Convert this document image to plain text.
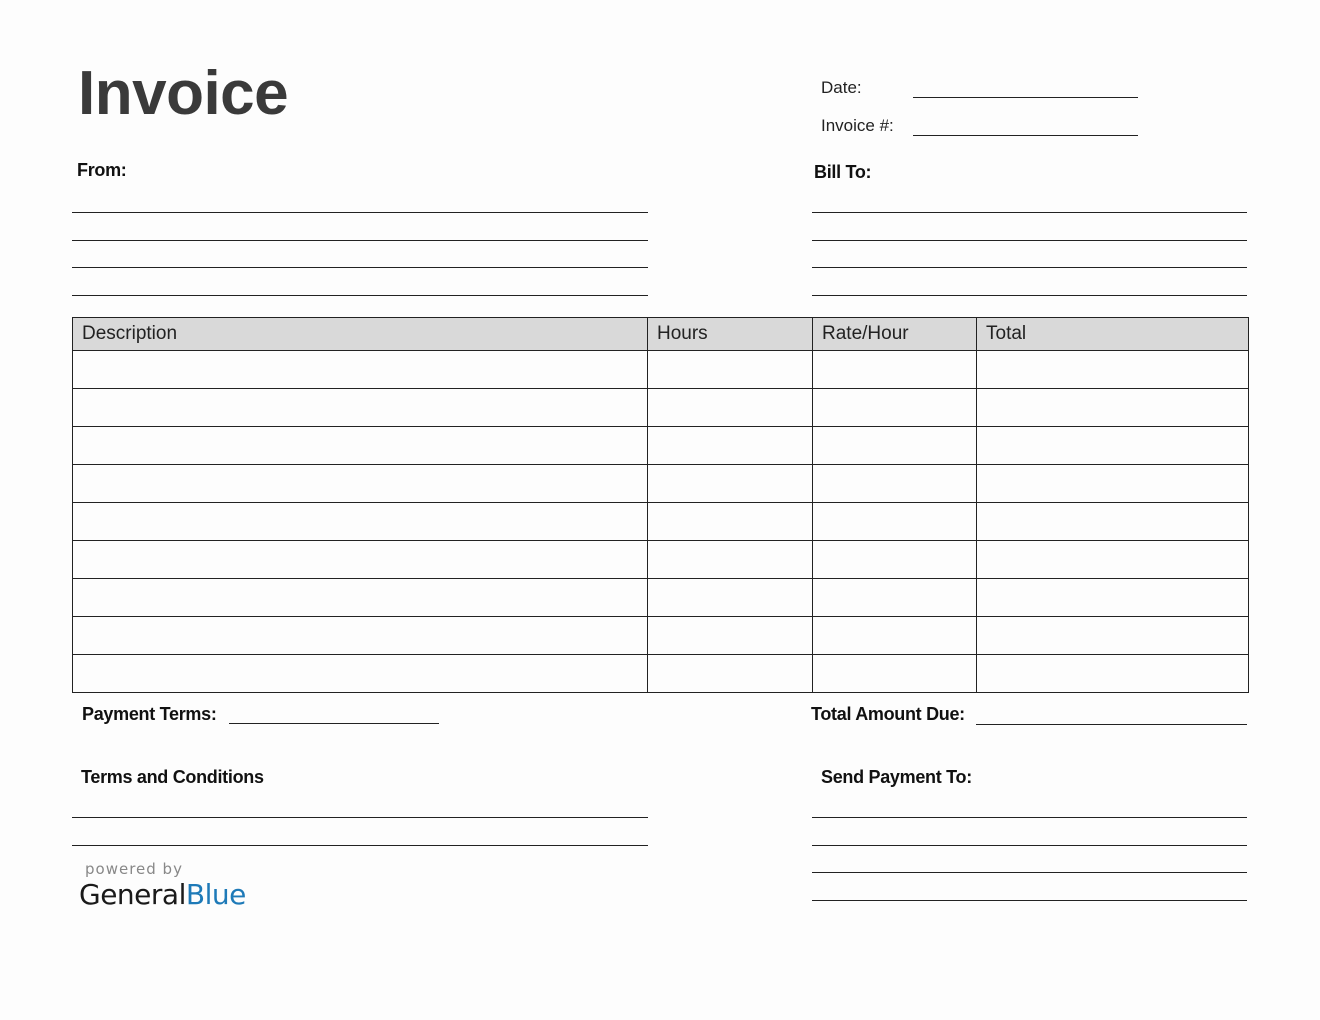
Invoice	Date:
Invoice #:
From:	Bill To:
Description	Hours	Rate/Hour	Total

Payment Terms:	Total Amount Due:
Terms and Conditions	Send Payment To:
powered by
GeneralBlue
